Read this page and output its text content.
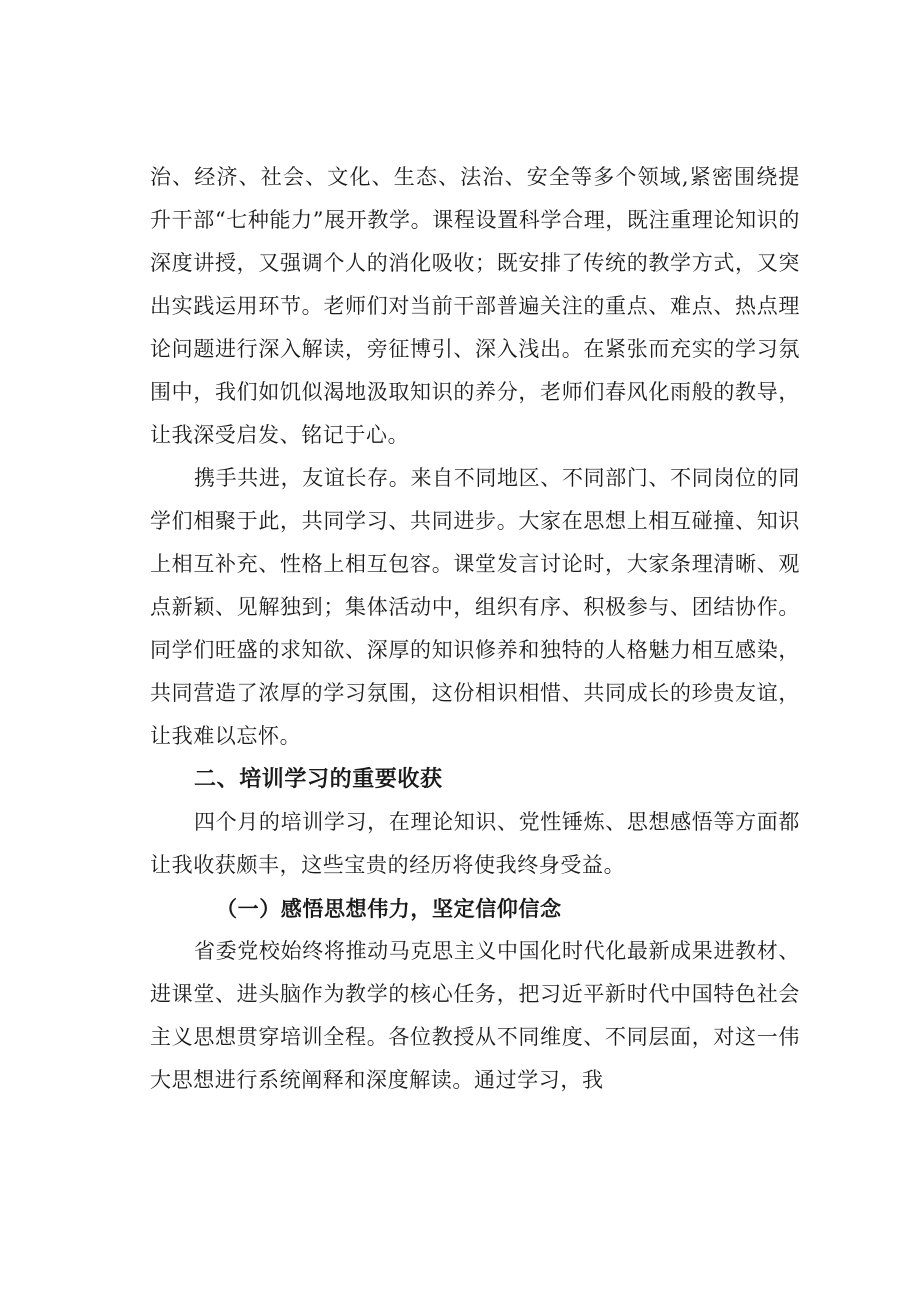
治、经济、社会、文化、生态、法治、安全等多个领域,紧密围绕提升干部“七种能力”展开教学。课程设置科学合理，既注重理论知识的深度讲授，又强调个人的消化吸收；既安排了传统的教学方式，又突出实践运用环节。老师们对当前干部普遍关注的重点、难点、热点理论问题进行深入解读，旁征博引、深入浅出。在紧张而充实的学习氛围中，我们如饥似渴地汲取知识的养分，老师们春风化雨般的教导，让我深受启发、铭记于心。

携手共进，友谊长存。来自不同地区、不同部门、不同岗位的同学们相聚于此，共同学习、共同进步。大家在思想上相互碰撞、知识上相互补充、性格上相互包容。课堂发言讨论时，大家条理清晰、观点新颖、见解独到；集体活动中，组织有序、积极参与、团结协作。同学们旺盛的求知欲、深厚的知识修养和独特的人格魅力相互感染，共同营造了浓厚的学习氛围，这份相识相惜、共同成长的珍贵友谊，让我难以忘怀。

二、培训学习的重要收获

四个月的培训学习，在理论知识、党性锤炼、思想感悟等方面都让我收获颇丰，这些宝贵的经历将使我终身受益。

（一）感悟思想伟力，坚定信仰信念

省委党校始终将推动马克思主义中国化时代化最新成果进教材、进课堂、进头脑作为教学的核心任务，把习近平新时代中国特色社会主义思想贯穿培训全程。各位教授从不同维度、不同层面，对这一伟大思想进行系统阐释和深度解读。通过学习，我
